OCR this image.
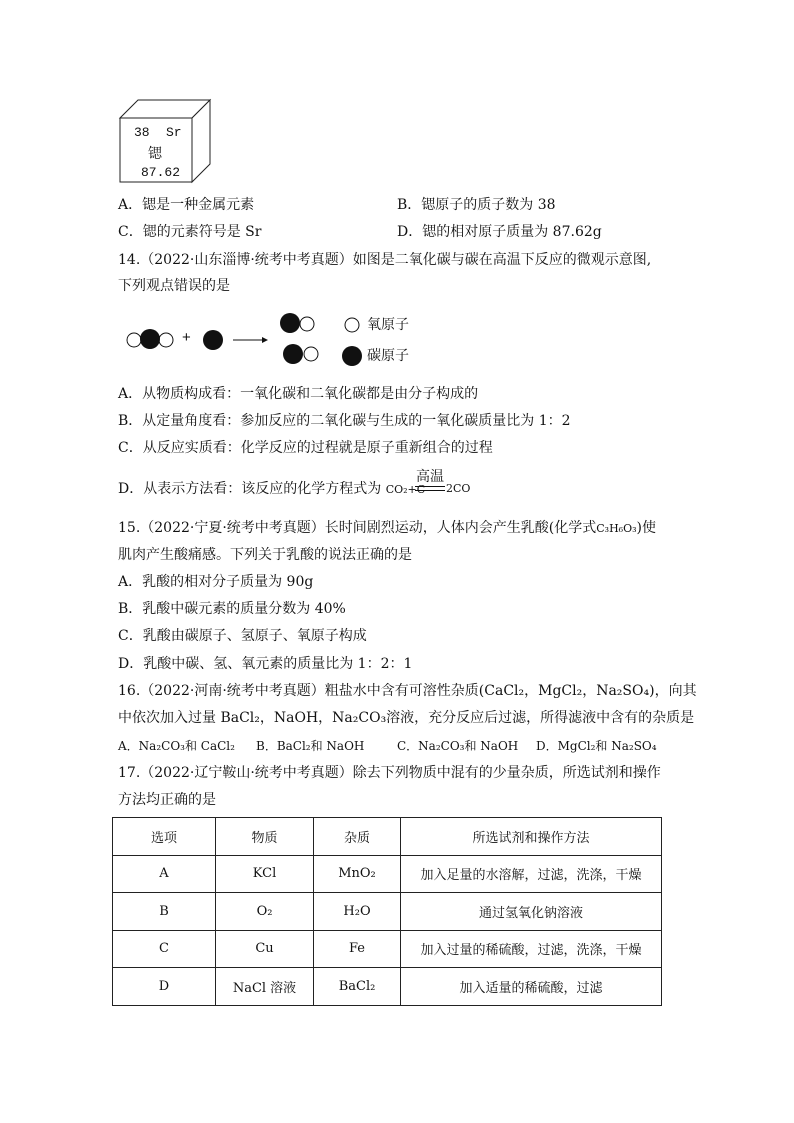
38 Sr
锶
87.62
A．锶是一种金属元素	B．锶原子的质子数为 38
C．锶的元素符号是 Sr	D．锶的相对原子质量为 87.62g
14.（2022·山东淄博·统考中考真题）如图是二氧化碳与碳在高温下反应的微观示意图,
下列观点错误的是
+
氧原子
碳原子
A．从物质构成看：一氧化碳和二氧化碳都是由分子构成的
B．从定量角度看：参加反应的二氧化碳与生成的一氧化碳质量比为 1：2
C．从反应实质看：化学反应的过程就是原子重新组合的过程
D．从表示方法看：该反应的化学方程式为 CO₂+C
高温
2CO
15.（2022·宁夏·统考中考真题）长时间剧烈运动，人体内会产生乳酸(化学式C₃H₆O₃)使
肌肉产生酸痛感。下列关于乳酸的说法正确的是
A．乳酸的相对分子质量为 90g
B．乳酸中碳元素的质量分数为 40%
C．乳酸由碳原子、氢原子、氧原子构成
D．乳酸中碳、氢、氧元素的质量比为 1：2：1
16.（2022·河南·统考中考真题）粗盐水中含有可溶性杂质(CaCl₂，MgCl₂，Na₂SO₄)，向其
中依次加入过量 BaCl₂，NaOH，Na₂CO₃溶液，充分反应后过滤，所得滤液中含有的杂质是
A．Na₂CO₃和 CaCl₂ B．BaCl₂和 NaOH	C．Na₂CO₃和 NaOH D．MgCl₂和 Na₂SO₄
17.（2022·辽宁鞍山·统考中考真题）除去下列物质中混有的少量杂质，所选试剂和操作
方法均正确的是
选项	物质	杂质	所选试剂和操作方法
A	KCl	MnO₂	加入足量的水溶解，过滤，洗涤，干燥
B	O₂	H₂O	通过氢氧化钠溶液
C	Cu	Fe	加入过量的稀硫酸，过滤，洗涤，干燥
D	NaCl 溶液	BaCl₂	加入适量的稀硫酸，过滤
